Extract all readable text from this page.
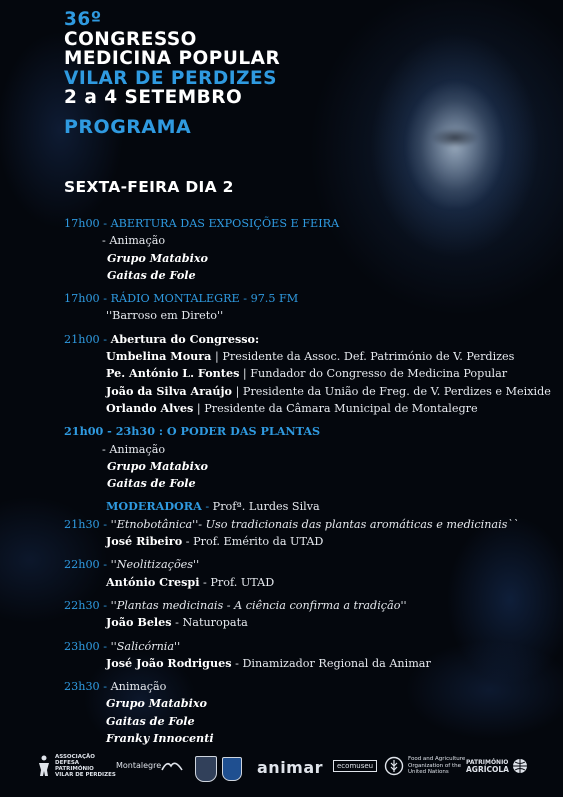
36º
CONGRESSO
MEDICINA POPULAR
VILAR DE PERDIZES
2 a 4 SETEMBRO
PROGRAMA
SEXTA-FEIRA DIA 2
17h00 - ABERTURA DAS EXPOSIÇÕES E FEIRA
- Animação
Grupo Matabixo
Gaitas de Fole
17h00 - RÁDIO MONTALEGRE - 97.5 FM
''Barroso em Direto''
21h00 - Abertura do Congresso:
Umbelina Moura | Presidente da Assoc. Def. Património de V. Perdizes
Pe. António L. Fontes | Fundador do Congresso de Medicina Popular
João da Silva Araújo | Presidente da União de Freg. de V. Perdizes e Meixide
Orlando Alves | Presidente da Câmara Municipal de Montalegre
21h00 - 23h30 : O PODER DAS PLANTAS
- Animação
Grupo Matabixo
Gaitas de Fole
MODERADORA - Profª. Lurdes Silva
21h30 - ''Etnobotânica''- Uso tradicionais das plantas aromáticas e medicinais``
José Ribeiro - Prof. Emérito da UTAD
22h00 - ''Neolitizações''
António Crespi - Prof. UTAD
22h30 - ''Plantas medicinais - A ciência confirma a tradição''
João Beles - Naturopata
23h00 - ''Salicórnia''
José João Rodrigues - Dinamizador Regional da Animar
23h30 - Animação
Grupo Matabixo
Gaitas de Fole
Franky Innocenti
ASSOCIAÇÃO
DEFESA
PATRIMÓNIO
VILAR DE PERDIZES
Montalegre	animar	ecomuseu
Food and Agriculture
Organization of the
United Nations
PATRIMÓNIO
AGRÍCOLA
